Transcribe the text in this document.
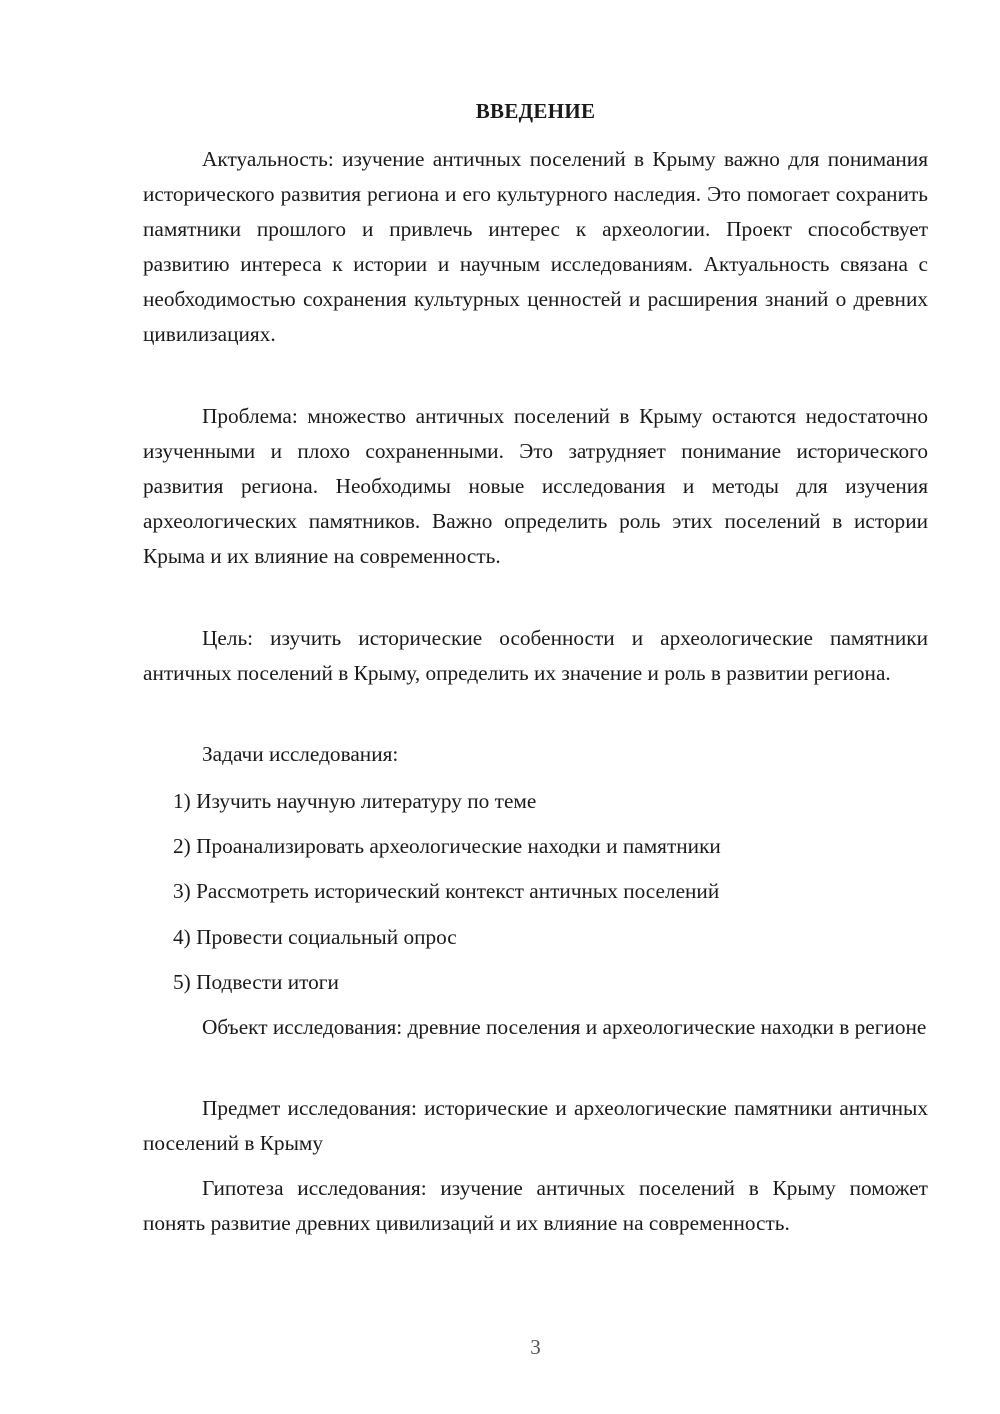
ВВЕДЕНИЕ

Актуальность: изучение античных поселений в Крыму важно для понимания исторического развития региона и его культурного наследия. Это помогает сохранить памятники прошлого и привлечь интерес к археологии. Проект способствует развитию интереса к истории и научным исследованиям. Актуальность связана с необходимостью сохранения культурных ценностей и расширения знаний о древних цивилизациях.

Проблема: множество античных поселений в Крыму остаются недостаточно изученными и плохо сохраненными. Это затрудняет понимание исторического развития региона. Необходимы новые исследования и методы для изучения археологических памятников. Важно определить роль этих поселений в истории Крыма и их влияние на современность.

Цель: изучить исторические особенности и археологические памятники античных поселений в Крыму, определить их значение и роль в развитии региона.

Задачи исследования:

1) Изучить научную литературу по теме

2) Проанализировать археологические находки и памятники

3) Рассмотреть исторический контекст античных поселений

4) Провести социальный опрос

5) Подвести итоги

Объект исследования: древние поселения и археологические находки в регионе

Предмет исследования: исторические и археологические памятники античных поселений в Крыму

Гипотеза исследования: изучение античных поселений в Крыму поможет понять развитие древних цивилизаций и их влияние на современность.

3
